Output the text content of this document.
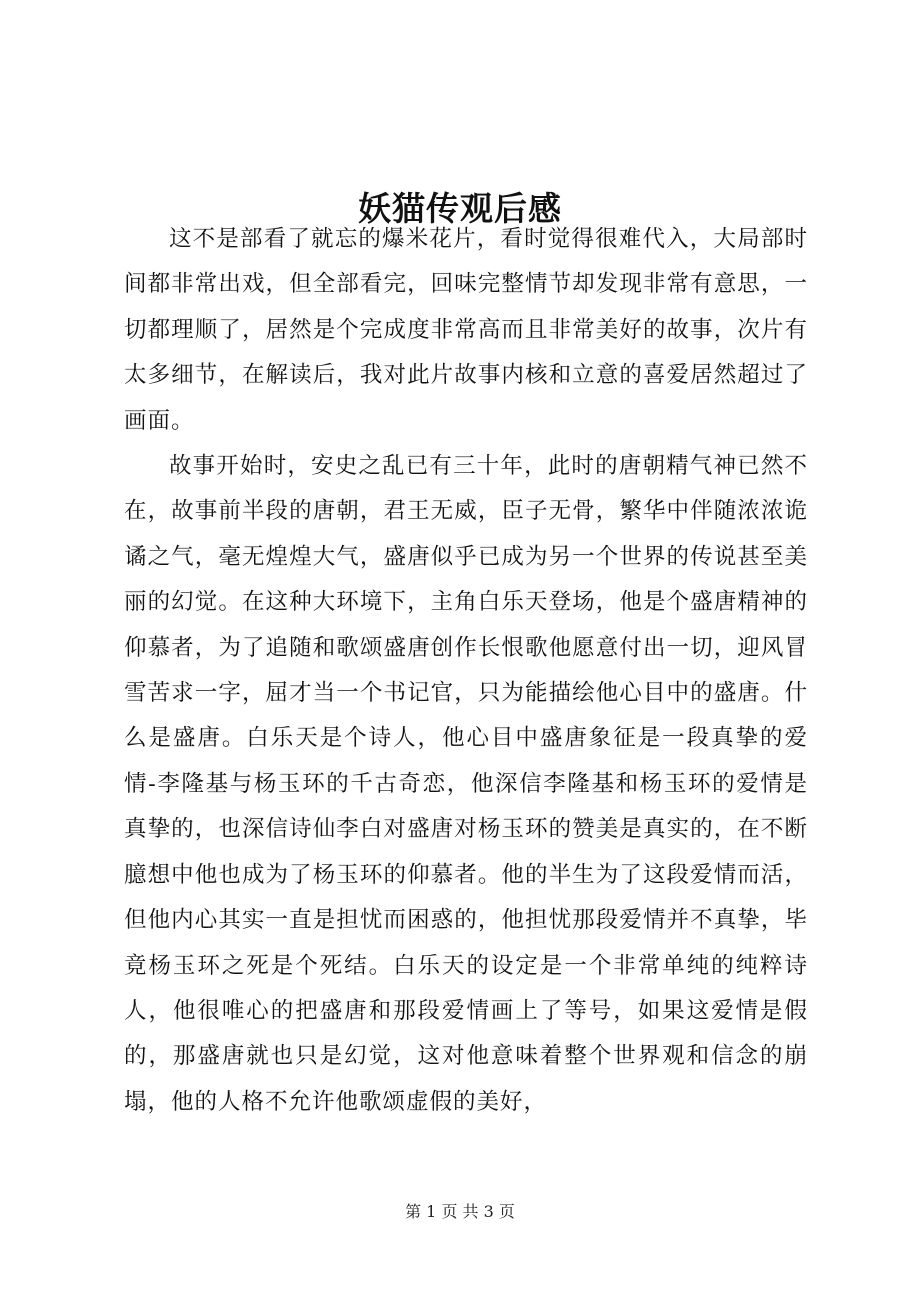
妖猫传观后感

这不是部看了就忘的爆米花片，看时觉得很难代入，大局部时间都非常出戏，但全部看完，回味完整情节却发现非常有意思，一切都理顺了，居然是个完成度非常高而且非常美好的故事，次片有太多细节，在解读后，我对此片故事内核和立意的喜爱居然超过了画面。

故事开始时，安史之乱已有三十年，此时的唐朝精气神已然不在，故事前半段的唐朝，君王无威，臣子无骨，繁华中伴随浓浓诡谲之气，毫无煌煌大气，盛唐似乎已成为另一个世界的传说甚至美丽的幻觉。在这种大环境下，主角白乐天登场，他是个盛唐精神的仰慕者，为了追随和歌颂盛唐创作长恨歌他愿意付出一切，迎风冒雪苦求一字，屈才当一个书记官，只为能描绘他心目中的盛唐。什么是盛唐。白乐天是个诗人，他心目中盛唐象征是一段真挚的爱情-李隆基与杨玉环的千古奇恋，他深信李隆基和杨玉环的爱情是真挚的，也深信诗仙李白对盛唐对杨玉环的赞美是真实的，在不断臆想中他也成为了杨玉环的仰慕者。他的半生为了这段爱情而活，但他内心其实一直是担忧而困惑的，他担忧那段爱情并不真挚，毕竟杨玉环之死是个死结。白乐天的设定是一个非常单纯的纯粹诗人，他很唯心的把盛唐和那段爱情画上了等号，如果这爱情是假的，那盛唐就也只是幻觉，这对他意味着整个世界观和信念的崩塌，他的人格不允许他歌颂虚假的美好，

第 1 页 共 3 页
